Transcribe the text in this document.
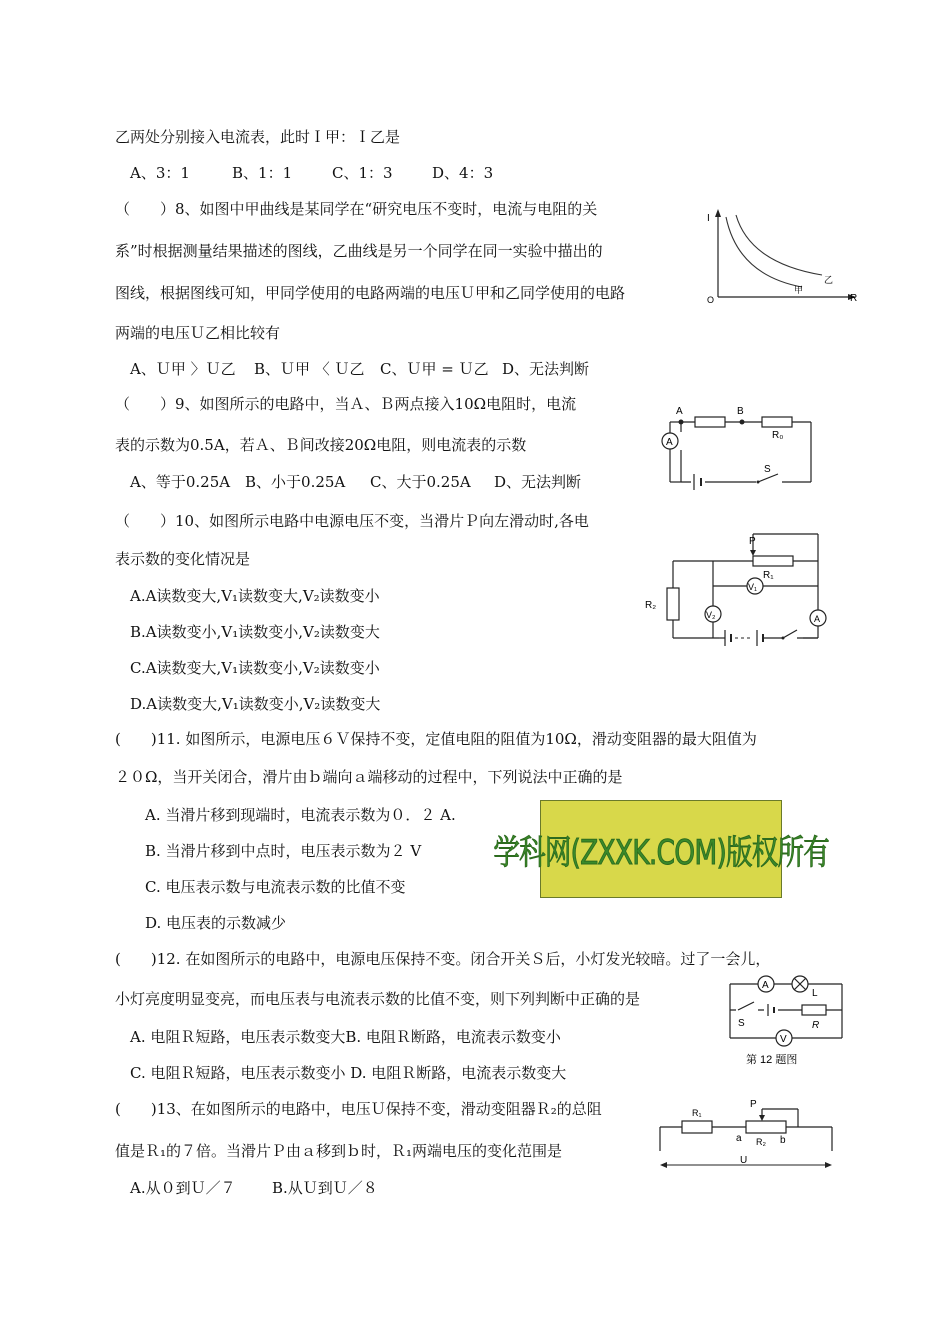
乙两处分别接入电流表，此时Ｉ甲：Ｉ乙是
A、3：1	B、1：1	C、1：3	D、4：3
（　　）8、如图中甲曲线是某同学在“研究电压不变时，电流与电阻的关
系”时根据测量结果描述的图线，乙曲线是另一个同学在同一实验中描出的
图线，根据图线可知，甲同学使用的电路两端的电压Ｕ甲和乙同学使用的电路
两端的电压Ｕ乙相比较有
A、Ｕ甲 〉Ｕ乙 B、Ｕ甲 〈 Ｕ乙 C、Ｕ甲 = Ｕ乙 D、无法判断
I
R
O
甲
乙
（　　）9、如图所示的电路中，当Ａ、Ｂ两点接入10Ω电阻时，电流
表的示数为0.5A，若Ａ、Ｂ间改接20Ω电阻，则电流表的示数
A、等于0.25A B、小于0.25A C、大于0.25A D、无法判断
A
A	B
R₀
S
（　　）10、如图所示电路中电源电压不变，当滑片Ｐ向左滑动时,各电
表示数的变化情况是
A.A读数变大,V₁读数变大,V₂读数变小
B.A读数变小,V₁读数变小,V₂读数变大
C.A读数变大,V₁读数变小,V₂读数变小
D.A读数变大,V₁读数变小,V₂读数变大
P
R₁
R₂
V₁
V₂	A
(　　)11. 如图所示，电源电压６Ｖ保持不变，定值电阻的阻值为10Ω，滑动变阻器的最大阻值为
２０Ω，当开关闭合，滑片由ｂ端向ａ端移动的过程中，下列说法中正确的是
A. 当滑片移到现端时，电流表示数为０．２ A.
B. 当滑片移到中点时，电压表示数为２ V
C. 电压表示数与电流表示数的比值不变
D. 电压表的示数减少
学科网(ZXXK.COM)版权所有
(　　)12. 在如图所示的电路中，电源电压保持不变。闭合开关Ｓ后，小灯发光较暗。过了一会儿，
小灯亮度明显变亮，而电压表与电流表示数的比值不变，则下列判断中正确的是
A. 电阻Ｒ短路，电压表示数变大B. 电阻Ｒ断路，电流表示数变小
C. 电阻Ｒ短路，电压表示数变小 D. 电阻Ｒ断路，电流表示数变大
A
L
S	R
V
第 12 题图
(　　)13、在如图所示的电路中，电压Ｕ保持不变，滑动变阻器Ｒ₂的总阻
值是Ｒ₁的７倍。当滑片Ｐ由ａ移到ｂ时，Ｒ₁两端电压的变化范围是
A.从０到Ｕ／７ B.从Ｕ到Ｕ／８
R₁
P
a R₂ b
U
